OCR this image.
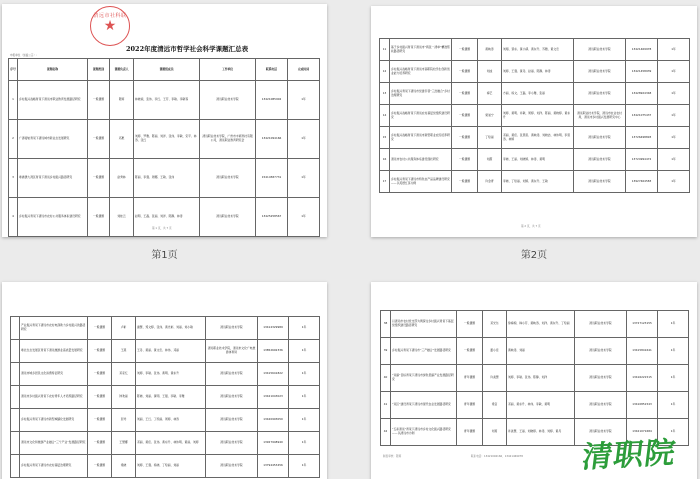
清远市社科联
★
2022年度清远市哲学社会科学课题汇总表
申报单位（加盖公章）:
序号	课题名称	课题类别	课题负责人	课题组成员	工作单位	联系电话	完成时间
1	乡村振兴战略背景下清远市职业教育发展路径研究	一般课题	陈婷	林晓斌、张伟、李红、王芳、李敏、李敏等	清远职业技术学院	13421085902	1年
2	广清接轨背景下清远城市新业态发展研究	一般课题	邓惠	刘婷、罗雅、陈丽、刘洋、张伟、李敏、宋平、林涛、张红	清远职业技术学院，广州市丰硕科技有限公司，清远职业教育研究会	13421094166	1年
3	粤港澳大湾区背景下清远乡村振兴路径研究	一般课题	赵秀林	陈丽、李强、周娜、王敏、张伟	清远职业技术学院	15414587731	1年
4	乡村振兴背景下清远市农村公共服务体系建设研究	一般课题	刘桂云	赵明、王磊、张丽、刘洋、陈静、林涛	清远职业技术学院	13425258567	1年
第 1 页，共 7 页
第1页
11	基于乡村振兴背景下清远市“两张一清单”精准帮扶路径研究	一般课题	黄映涛	刘翔、蔡东、黄小倩、黄东升、苏雅、黄文忠	清远职业技术学院	13421469978	1年
12	乡村振兴战略背景下清远市高职院校学生创新创业能力培养研究	一般课题	刘成	刘婷、王强、黄丹、赵丽、陈静、林涛	清远职业技术学院	13421458939	1年
13	乡村振兴背景下清远市党建引领“三治融合”乡村治理研究	一般课题	梅艺	方丽、杨文、王磊、李小雅、张丽	清远职业技术学院	13428924348	1年
14	乡村振兴战略背景下清远农村基层党组织建设研究	一般课题	梁旭宁	刘婷、黄明、许敏、周婷、刘洋、陈丽、黄晓婷、黄东升	清远职业技术学院，清远市农业农村局，清远市乡村振兴发展研究中心	13421075437	1年
15	乡村振兴战略背景下清远市新型职业农民培养研究	一般课题	丁绘丽	邓丽、黄佳、张思思、黄映涛、刘晓洁、林伟明、李思涛、林婷	清远职业技术学院	13726498893	1年
16	清远市农村公共服务体系建设现状研究	一般课题	刘霞	李晓、王丽、刘晓婷、林涛、黄明	清远职业技术学院	13724994472	1年
17	乡村振兴背景下清远市特色农产品品牌建设研究——以英德红茶为例	一般课题	许金青	李晓、丁绘丽、刘婷、黄东升、王敏	清远职业技术学院	13927464583	1年
第 2 页，共 7 页
第2页
	产业振兴背景下清远市农村电商助力乡村振兴的路径研究	一般课题	卢彬	谢慧、郑文婷、张伟、黄光彬、刘丽、刘小敏	清远职业技术学院	13414329989	1年
	粤北生态发展区背景下清远旅游业高质量发展研究	一般课题	王燕	王丹、黄丽、黄文忠、林伟、邓丽	清远职业技术学院，清远市文化广电旅游体育局	13852692336	1年
	清远市城乡居民文化消费特征研究	一般课题	邓家忆	刘婷、李敏、张伟、黄明、黄东升	清远职业技术学院	13415641822	1年
	清远市乡村振兴背景下农村青年人才培养路径研究	一般课题	钟欢丽	陈晓、刘丽、黄明、王强、李敏、李雅	清远职业技术学院	13421043023	1年
	乡村振兴背景下清远市新型城镇化发展研究	一般课题	彭玲	刘丽、王红、丁绘丽、周婷、林涛	清远职业技术学院	13420993050	1年
	清远市文化和旅游产业融合“三个产业”发展路径研究	一般课题	王慧娜	邓丽、黄佳、张伟、黄东升、林伟明、黄丽、刘婷	清远职业技术学院	13927948940	1年
	乡村振兴背景下清远市农村基层治理研究	一般课题	梁晓	刘婷、王强、杨晓、丁绘丽、刘丽	清远职业技术学院	13794453456	1年
38	以清远市农村党支部为例探讨乡村振兴背景下基层党组织建设路径研究	一般课题	邓光乐	徐梅婉、韩小芳、黄映涛、刘洋、黄东升、丁绘丽	清远职业技术学院	13727123155	1年
39	乡村振兴背景下清远市“三产融合”发展路径研究	一般课题	董小佳	黄映涛、刘丽	清远职业技术学院	13415841641	1年
40	“双碳”目标背景下清远市绿色低碳产业发展路径研究	青年课题	许美慧	刘婷、李敏、张伟、陈静、刘洋	清远职业技术学院	13416221515	1年
41	“双区”建设背景下清远市现代农业发展路径研究	青年课题	梁宫	邓丽、黄东升、林伟、李敏、黄明	清远职业技术学院	13410851543	1年
42	“五彩清远”背景下清远市乡村文化振兴路径研究——以清远市为例	青年课题	刘莉	许美慧、王丽、刘晓婷、林涛、刘婷、黄丹	清远职业技术学院	13421071684	1年
制表审核：陈婷	联系电话：13421094166、13421469978 清职院
